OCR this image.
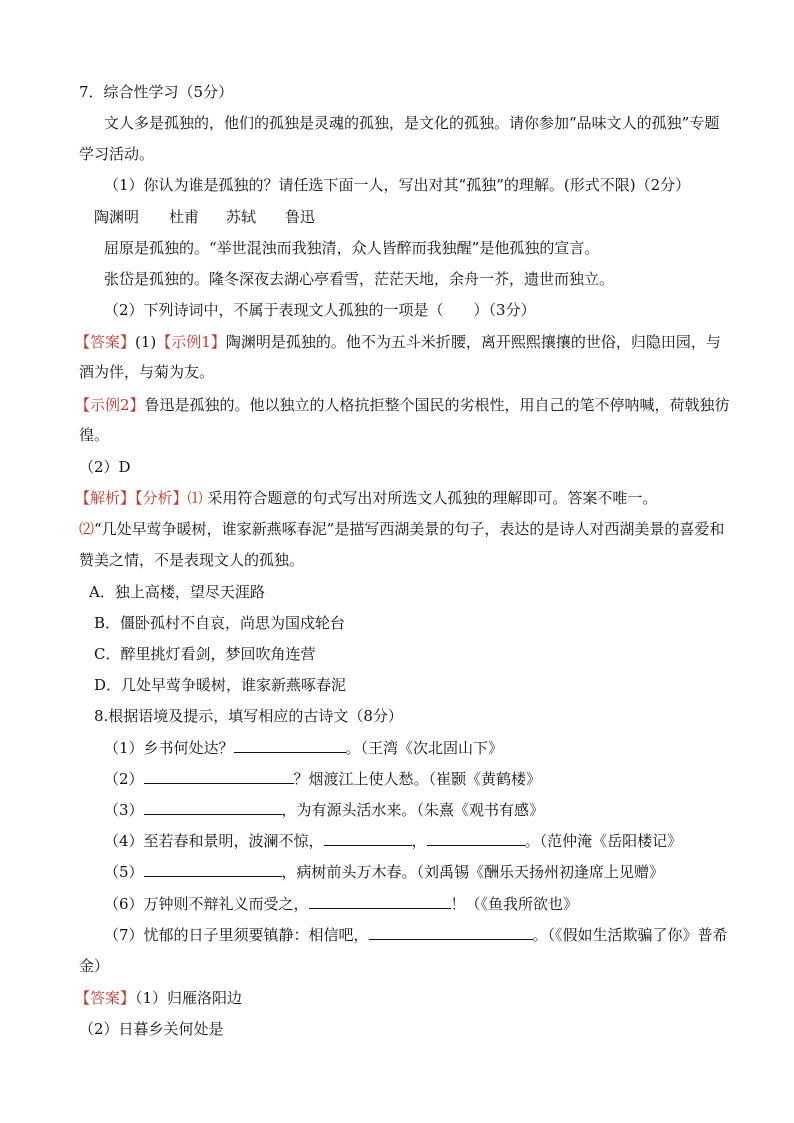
7．综合性学习（5分）
文人多是孤独的，他们的孤独是灵魂的孤独，是文化的孤独。请你参加“品味文人的孤独”专题
学习活动。
（1）你认为谁是孤独的？请任选下面一人，写出对其“孤独”的理解。(形式不限)（2分）
陶渊明 杜甫 苏轼 鲁迅
屈原是孤独的。“举世混浊而我独清，众人皆醉而我独醒”是他孤独的宣言。
张岱是孤独的。隆冬深夜去湖心亭看雪，茫茫天地，余舟一芥，遗世而独立。
（2）下列诗词中，不属于表现文人孤独的一项是（　　）（3分）
【答案】(1)【示例1】陶渊明是孤独的。他不为五斗米折腰，离开熙熙攘攘的世俗，归隐田园，与
酒为伴，与菊为友。
【示例2】鲁迅是孤独的。他以独立的人格抗拒整个国民的劣根性，用自己的笔不停呐喊，荷戟独彷
徨。
（2）D
【解析】【分析】⑴ 采用符合题意的句式写出对所选文人孤独的理解即可。答案不唯一。
⑵“几处早莺争暖树，谁家新燕啄春泥”是描写西湖美景的句子，表达的是诗人对西湖美景的喜爱和
赞美之情，不是表现文人的孤独。
A．独上高楼，望尽天涯路
B．僵卧孤村不自哀，尚思为国戍轮台
C．醉里挑灯看剑，梦回吹角连营
D．几处早莺争暖树，谁家新燕啄春泥
8.根据语境及提示，填写相应的古诗文（8分）
（1）乡书何处达？	。（王湾《次北固山下》
（2）	？烟渡江上使人愁。（崔颢《黄鹤楼》
（3）	，为有源头活水来。（朱熹《观书有感》
（4）至若春和景明，波澜不惊，	，	。（范仲淹《岳阳楼记》
（5）	，病树前头万木春。（刘禹锡《酬乐天扬州初逢席上见赠》
（6）万钟则不辩礼义而受之，	！（《鱼我所欲也》
（7）忧郁的日子里须要镇静：相信吧，	。（《假如生活欺骗了你》普希
金）
【答案】（1）归雁洛阳边
（2）日暮乡关何处是
